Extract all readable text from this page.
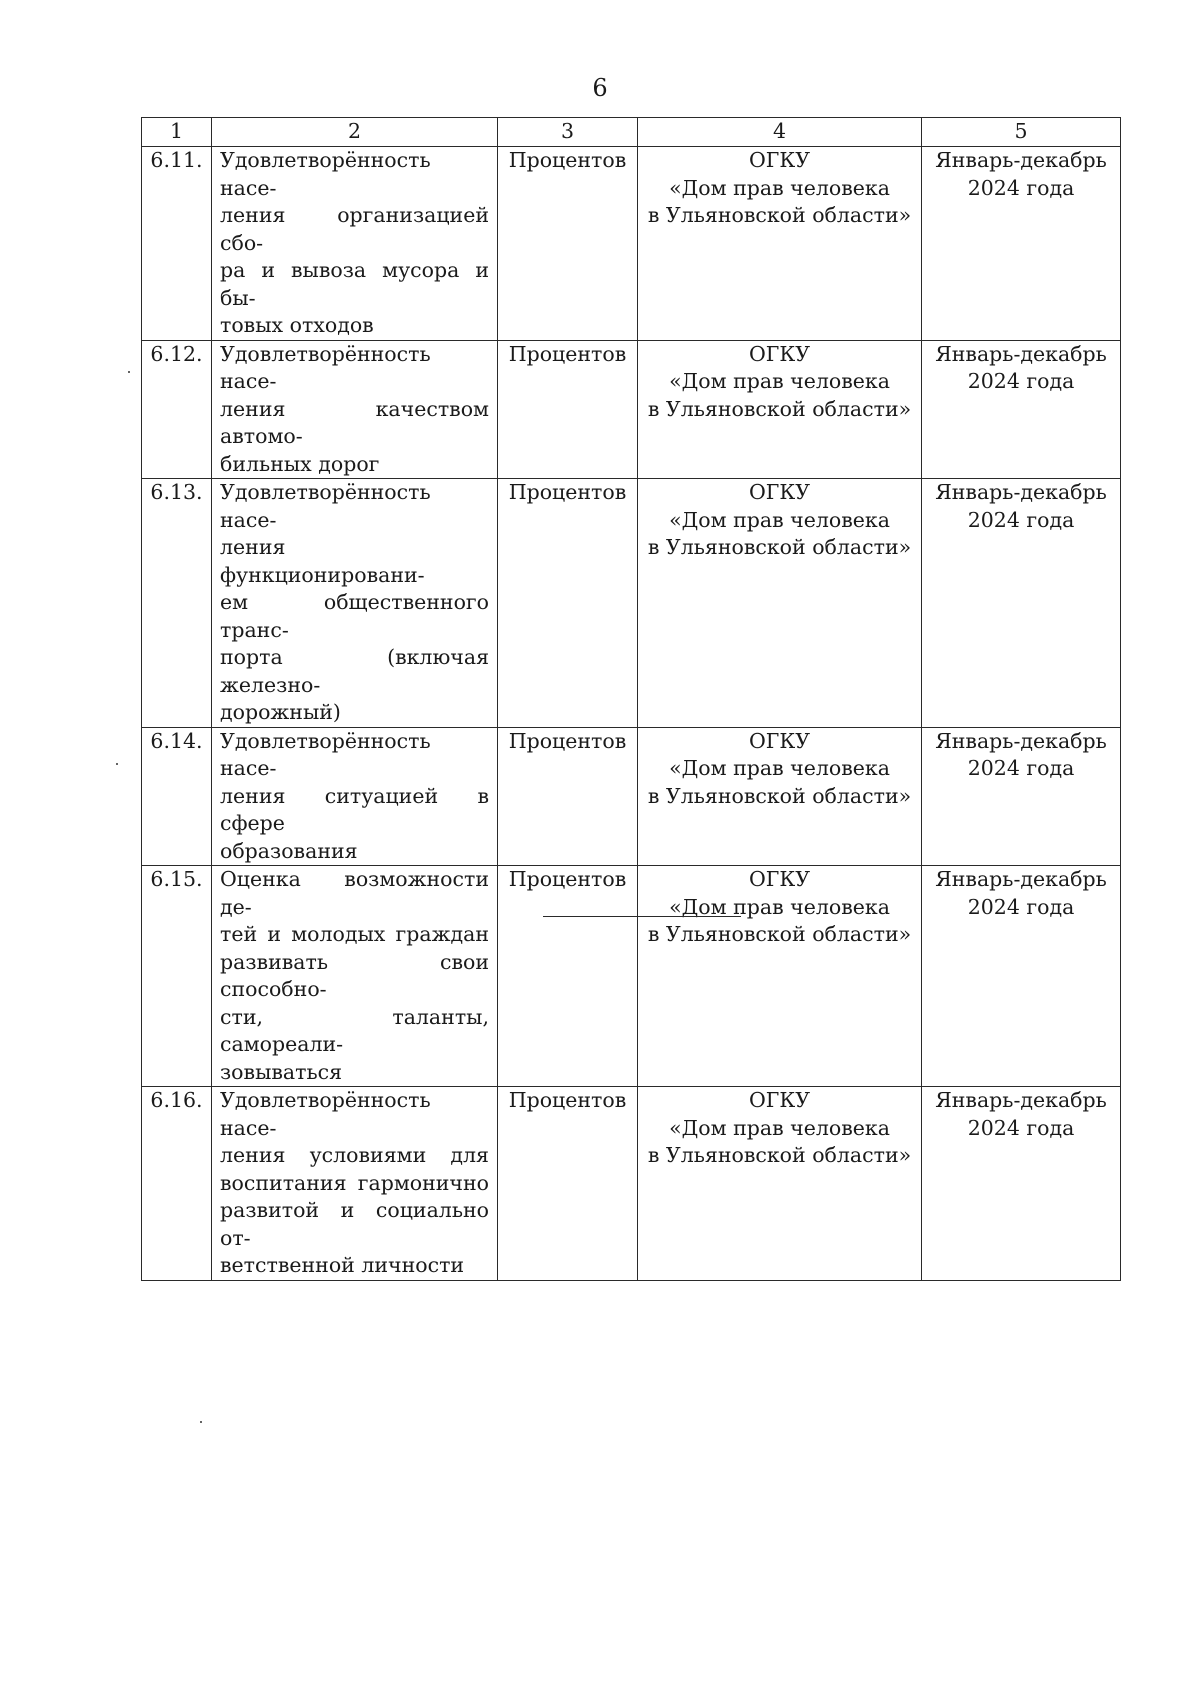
6
1	2	3	4	5
6.11.	Удовлетворённость насе-
ления организацией сбо-
ра и вывоза мусора и бы-
товых отходов	Процентов	ОГКУ
«Дом прав человека
в Ульяновской области»	Январь-декабрь
2024 года

6.12.	Удовлетворённость насе-
ления качеством автомо-
бильных дорог	Процентов	ОГКУ
«Дом прав человека
в Ульяновской области»	Январь-декабрь
2024 года

6.13.	Удовлетворённость насе-
ления функционировани-
ем общественного транс-
порта (включая железно-
дорожный)	Процентов	ОГКУ
«Дом прав человека
в Ульяновской области»	Январь-декабрь
2024 года

6.14.	Удовлетворённость насе-
ления ситуацией в сфере
образования	Процентов	ОГКУ
«Дом прав человека
в Ульяновской области»	Январь-декабрь
2024 года

6.15.	Оценка возможности де-
тей и молодых граждан
развивать свои способно-
сти, таланты, самореали-
зовываться	Процентов	ОГКУ
«Дом прав человека
в Ульяновской области»	Январь-декабрь
2024 года

6.16.	Удовлетворённость насе-
ления условиями для
воспитания гармонично
развитой и социально от-
ветственной личности	Процентов	ОГКУ
«Дом прав человека
в Ульяновской области»	Январь-декабрь
2024 года
